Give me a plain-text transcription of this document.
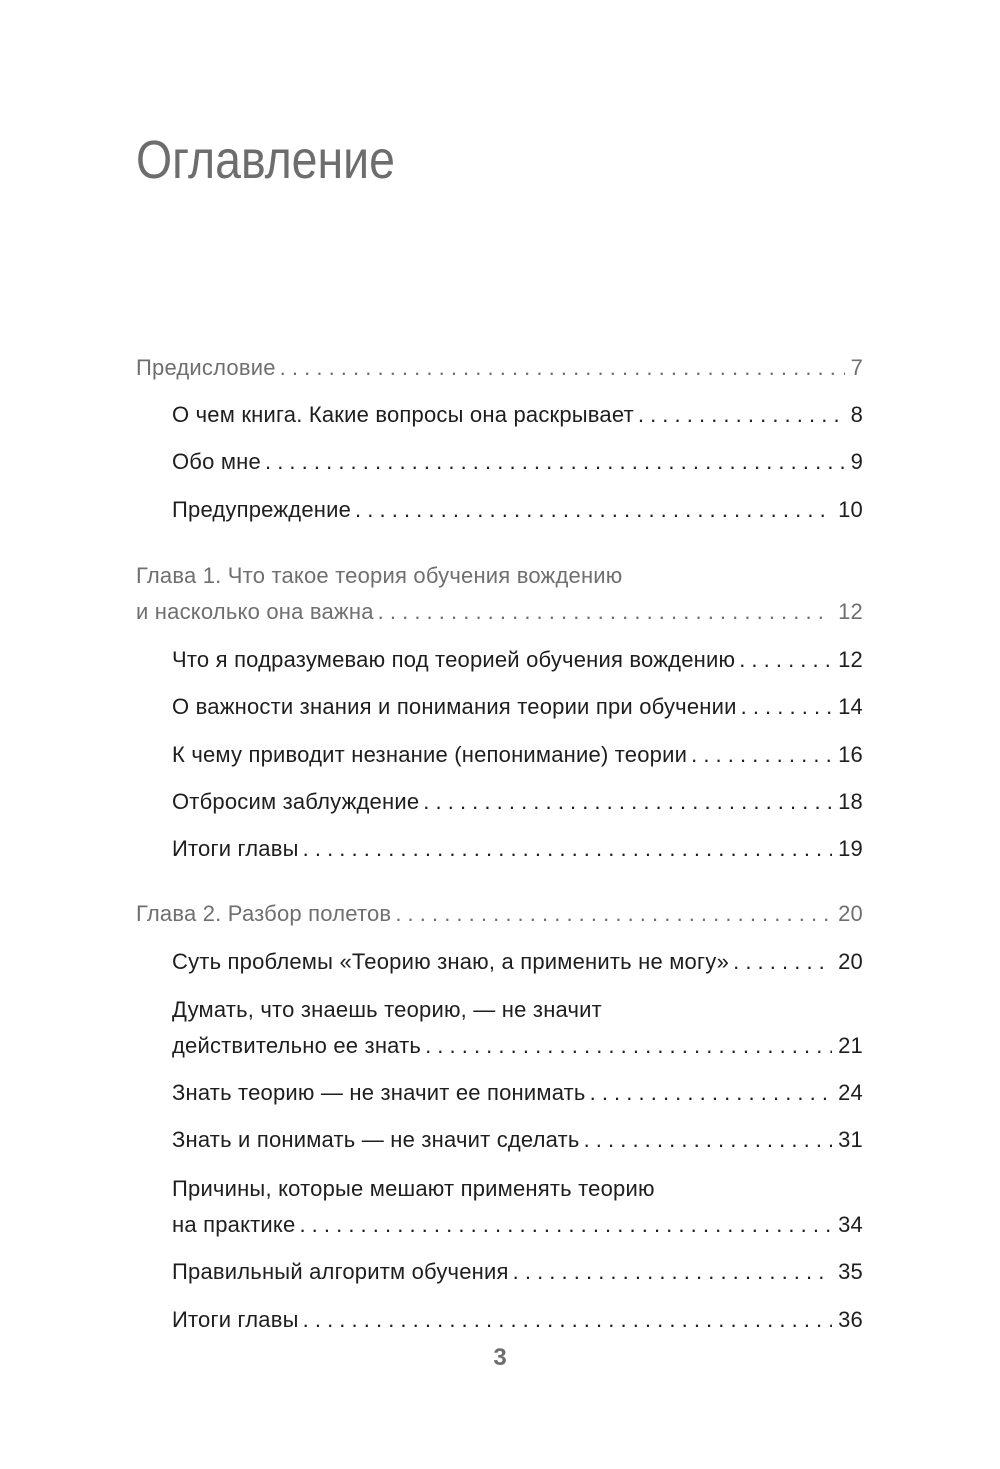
Оглавление
Предисловие . . .	7
О чем книга. Какие вопросы она раскрывает . . .	8
Обо мне . . .	9
Предупреждение . . .	10
Глава 1. Что такое теория обучения вождению
и насколько она важна . . .	12
Что я подразумеваю под теорией обучения вождению . . .	12
О важности знания и понимания теории при обучении . . .	14
К чему приводит незнание (непонимание) теории . . .	16
Отбросим заблуждение . . .	18
Итоги главы . . .	19
Глава 2. Разбор полетов . . .	20
Суть проблемы «Теорию знаю, а применить не могу» . . .	20
Думать, что знаешь теорию, — не значит
действительно ее знать . . .	21
Знать теорию — не значит ее понимать . . .	24
Знать и понимать — не значит сделать . . .	31
Причины, которые мешают применять теорию
на практике . . .	34
Правильный алгоритм обучения . . .	35
Итоги главы . . .	36
3
